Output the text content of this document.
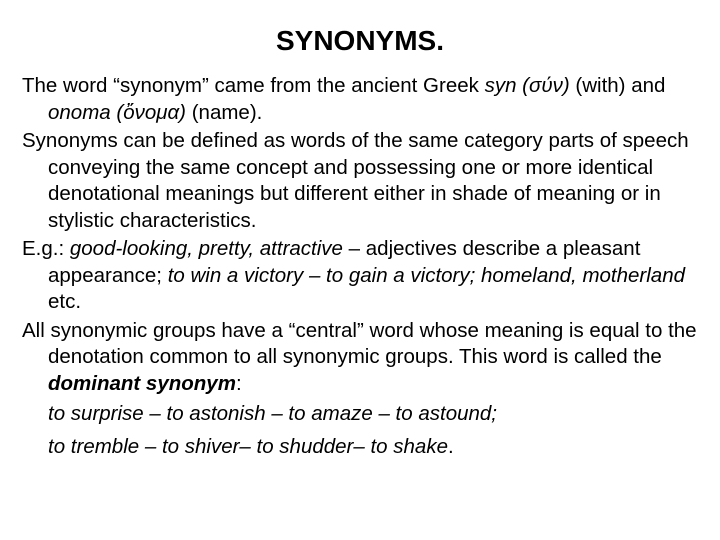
SYNONYMS.

The word “synonym” came from the ancient Greek syn (σύν) (with) and onoma (ὄνομα) (name).

Synonyms can be defined as words of the same category parts of speech conveying the same concept and possessing one or more identical denotational meanings but different either in shade of meaning or in stylistic characteristics.

E.g.: good-looking, pretty, attractive – adjectives describe a pleasant appearance; to win a victory – to gain a victory; homeland, motherland etc.

All synonymic groups have a “central” word whose meaning is equal to the denotation common to all synonymic groups. This word is called the dominant synonym:

to surprise – to astonish – to amaze – to astound;

to tremble – to shiver– to shudder– to shake.
